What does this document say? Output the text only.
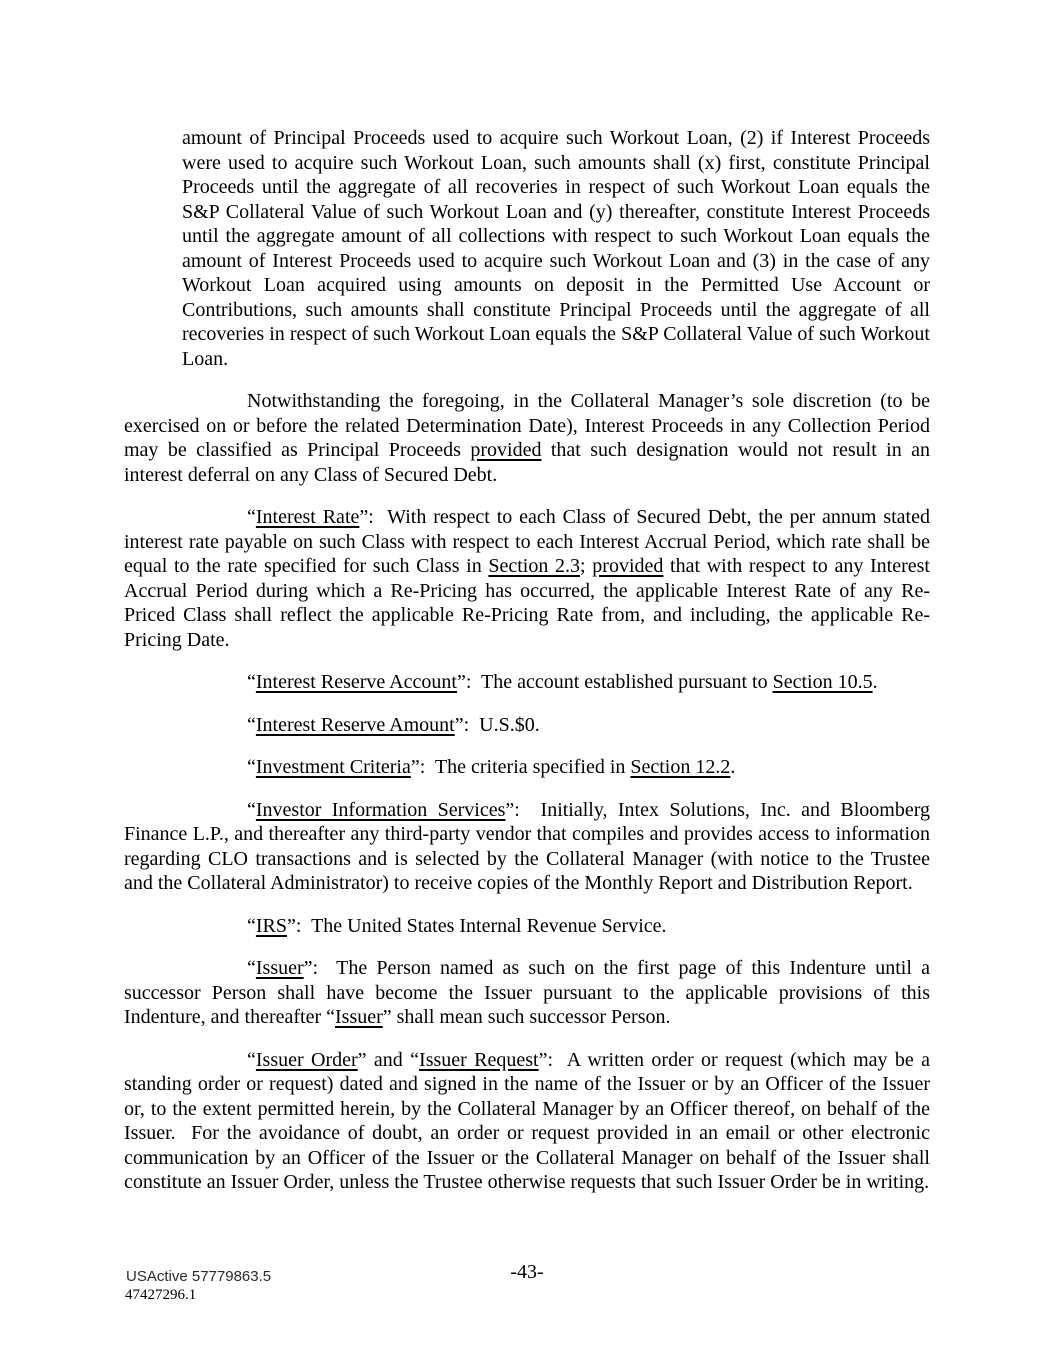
amount of Principal Proceeds used to acquire such Workout Loan, (2) if Interest Proceeds were used to acquire such Workout Loan, such amounts shall (x) first, constitute Principal Proceeds until the aggregate of all recoveries in respect of such Workout Loan equals the S&P Collateral Value of such Workout Loan and (y) thereafter, constitute Interest Proceeds until the aggregate amount of all collections with respect to such Workout Loan equals the amount of Interest Proceeds used to acquire such Workout Loan and (3) in the case of any Workout Loan acquired using amounts on deposit in the Permitted Use Account or Contributions, such amounts shall constitute Principal Proceeds until the aggregate of all recoveries in respect of such Workout Loan equals the S&P Collateral Value of such Workout Loan.

Notwithstanding the foregoing, in the Collateral Manager’s sole discretion (to be exercised on or before the related Determination Date), Interest Proceeds in any Collection Period may be classified as Principal Proceeds provided that such designation would not result in an interest deferral on any Class of Secured Debt.

“Interest Rate”:  With respect to each Class of Secured Debt, the per annum stated interest rate payable on such Class with respect to each Interest Accrual Period, which rate shall be equal to the rate specified for such Class in Section 2.3; provided that with respect to any Interest Accrual Period during which a Re-Pricing has occurred, the applicable Interest Rate of any Re-Priced Class shall reflect the applicable Re-Pricing Rate from, and including, the applicable Re-Pricing Date.

“Interest Reserve Account”:  The account established pursuant to Section 10.5.

“Interest Reserve Amount”:  U.S.$0.

“Investment Criteria”:  The criteria specified in Section 12.2.

“Investor Information Services”:  Initially, Intex Solutions, Inc. and Bloomberg Finance L.P., and thereafter any third-party vendor that compiles and provides access to information regarding CLO transactions and is selected by the Collateral Manager (with notice to the Trustee and the Collateral Administrator) to receive copies of the Monthly Report and Distribution Report.

“IRS”:  The United States Internal Revenue Service.

“Issuer”:  The Person named as such on the first page of this Indenture until a successor Person shall have become the Issuer pursuant to the applicable provisions of this Indenture, and thereafter “Issuer” shall mean such successor Person.

“Issuer Order” and “Issuer Request”:  A written order or request (which may be a standing order or request) dated and signed in the name of the Issuer or by an Officer of the Issuer or, to the extent permitted herein, by the Collateral Manager by an Officer thereof, on behalf of the Issuer.  For the avoidance of doubt, an order or request provided in an email or other electronic communication by an Officer of the Issuer or the Collateral Manager on behalf of the Issuer shall constitute an Issuer Order, unless the Trustee otherwise requests that such Issuer Order be in writing.

USActive 57779863.5	-43-
47427296.1
